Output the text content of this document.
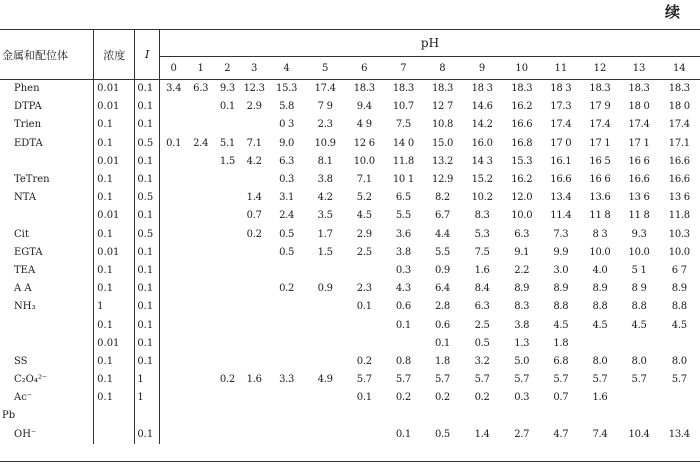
续
金属和配位体	浓度	I	pH														
			0	1	2	3	4	5	6	7	8	9	10	11	12	13	14
Phen	0.01	0.1	3.4	6.3	9.3	12.3	15.3	17.4	18.3	18.3	18.3	18 3	18.3	18 3	18.3	18.3	18.3
DTPA	0.01	0.1			0.1	2.9	5.8	7 9	9.4	10.7	12 7	14.6	16.2	17.3	17 9	18 0	18 0
Trien	0.1	0.1					0 3	2.3	4 9	7.5	10.8	14.2	16.6	17.4	17.4	17.4	17.4
EDTA	0.1	0.5	0.1	2.4	5.1	7.1	9.0	10.9	12 6	14 0	15.0	16.0	16.8	17 0	17 1	17 1	17.1
	0.01	0.1			1.5	4.2	6.3	8.1	10.0	11.8	13.2	14 3	15.3	16.1	16 5	16 6	16.6
TeTren	0.1	0.1					0.3	3.8	7.1	10 1	12.9	15.2	16.2	16.6	16 6	16.6	16.6
NTA	0.1	0.5				1.4	3.1	4.2	5.2	6.5	8.2	10.2	12.0	13.4	13.6	13 6	13 6
	0.01	0.1				0.7	2.4	3.5	4.5	5.5	6.7	8.3	10.0	11.4	11 8	11 8	11.8
Cit	0.1	0.5				0.2	0.5	1.7	2.9	3.6	4.4	5.3	6.3	7.3	8 3	9.3	10.3
EGTA	0.01	0.1					0.5	1.5	2.5	3.8	5.5	7.5	9.1	9.9	10.0	10.0	10.0
TEA	0.1	0.1								0.3	0.9	1.6	2.2	3.0	4.0	5 1	6 7
A A	0.1	0.1					0.2	0.9	2.3	4.3	6.4	8.4	8.9	8.9	8.9	8 9	8.9
NH₃	1	0.1							0.1	0.6	2.8	6.3	8.3	8.8	8.8	8.8	8.8
	0.1	0.1								0.1	0.6	2.5	3.8	4.5	4.5	4.5	4.5
	0.01	0.1									0.1	0.5	1.3	1.8			
SS	0.1	0.1							0.2	0.8	1.8	3.2	5.0	6.8	8.0	8.0	8.0
C₂O₄²⁻	0.1	1			0.2	1.6	3.3	4.9	5.7	5.7	5.7	5.7	5.7	5.7	5.7	5.7	5.7
Ac⁻	0.1	1							0.1	0.2	0.2	0.2	0.3	0.7	1.6		
Pb																	
OH⁻		0.1								0.1	0.5	1.4	2.7	4.7	7.4	10.4	13.4
